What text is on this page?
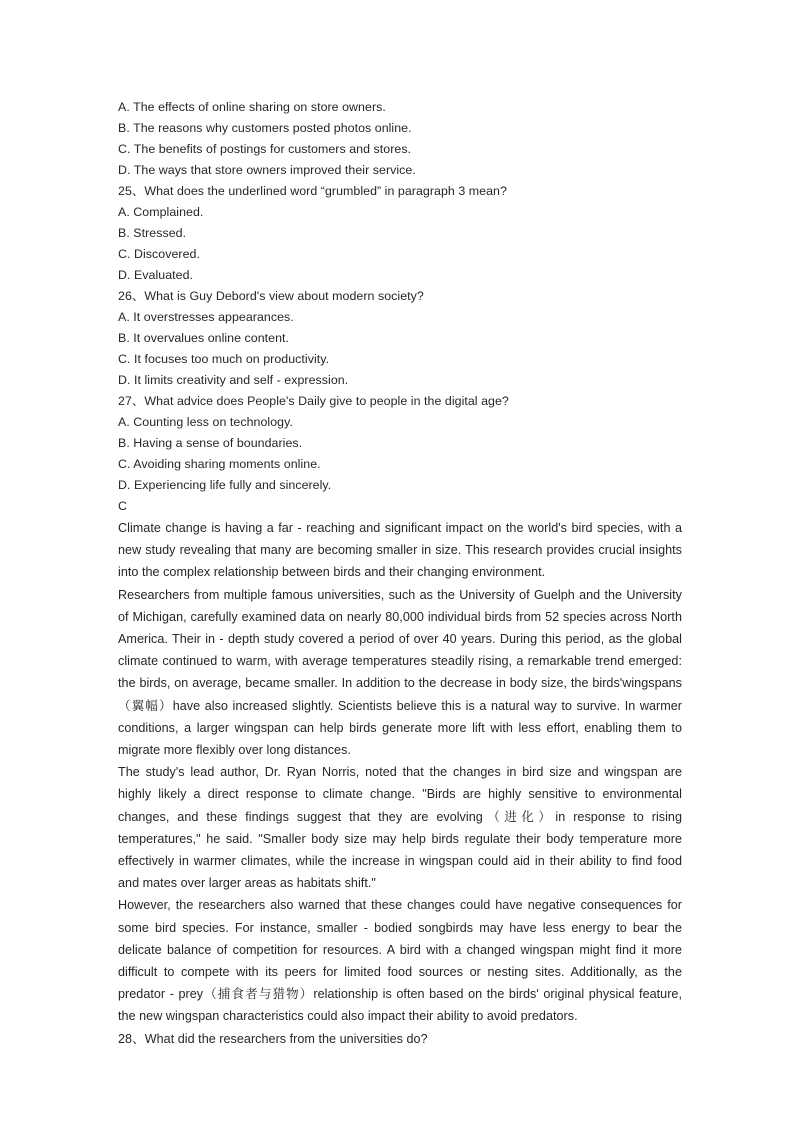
A. The effects of online sharing on store owners.
B. The reasons why customers posted photos online.
C. The benefits of postings for customers and stores.
D. The ways that store owners improved their service.
25、What does the underlined word “grumbled” in paragraph 3 mean?
A. Complained.
B. Stressed.
C. Discovered.
D. Evaluated.
26、What is Guy Debord's view about modern society?
A. It overstresses appearances.
B. It overvalues online content.
C. It focuses too much on productivity.
D. It limits creativity and self - expression.
27、What advice does People's Daily give to people in the digital age?
A. Counting less on technology.
B. Having a sense of boundaries.
C. Avoiding sharing moments online.
D. Experiencing life fully and sincerely.
C

Climate change is having a far - reaching and significant impact on the world's bird species, with a new study revealing that many are becoming smaller in size. This research provides crucial insights into the complex relationship between birds and their changing environment.

Researchers from multiple famous universities, such as the University of Guelph and the University of Michigan, carefully examined data on nearly 80,000 individual birds from 52 species across North America. Their in - depth study covered a period of over 40 years. During this period, as the global climate continued to warm, with average temperatures steadily rising, a remarkable trend emerged: the birds, on average, became smaller. In addition to the decrease in body size, the birds'wingspans（翼幅）have also increased slightly. Scientists believe this is a natural way to survive. In warmer conditions, a larger wingspan can help birds generate more lift with less effort, enabling them to migrate more flexibly over long distances.

The study's lead author, Dr. Ryan Norris, noted that the changes in bird size and wingspan are highly likely a direct response to climate change. "Birds are highly sensitive to environmental changes, and these findings suggest that they are evolving（进化）in response to rising temperatures," he said. "Smaller body size may help birds regulate their body temperature more effectively in warmer climates, while the increase in wingspan could aid in their ability to find food and mates over larger areas as habitats shift."

However, the researchers also warned that these changes could have negative consequences for some bird species. For instance, smaller - bodied songbirds may have less energy to bear the delicate balance of competition for resources. A bird with a changed wingspan might find it more difficult to compete with its peers for limited food sources or nesting sites. Additionally, as the predator - prey（捕食者与猎物）relationship is often based on the birds' original physical feature, the new wingspan characteristics could also impact their ability to avoid predators.

28、What did the researchers from the universities do?
